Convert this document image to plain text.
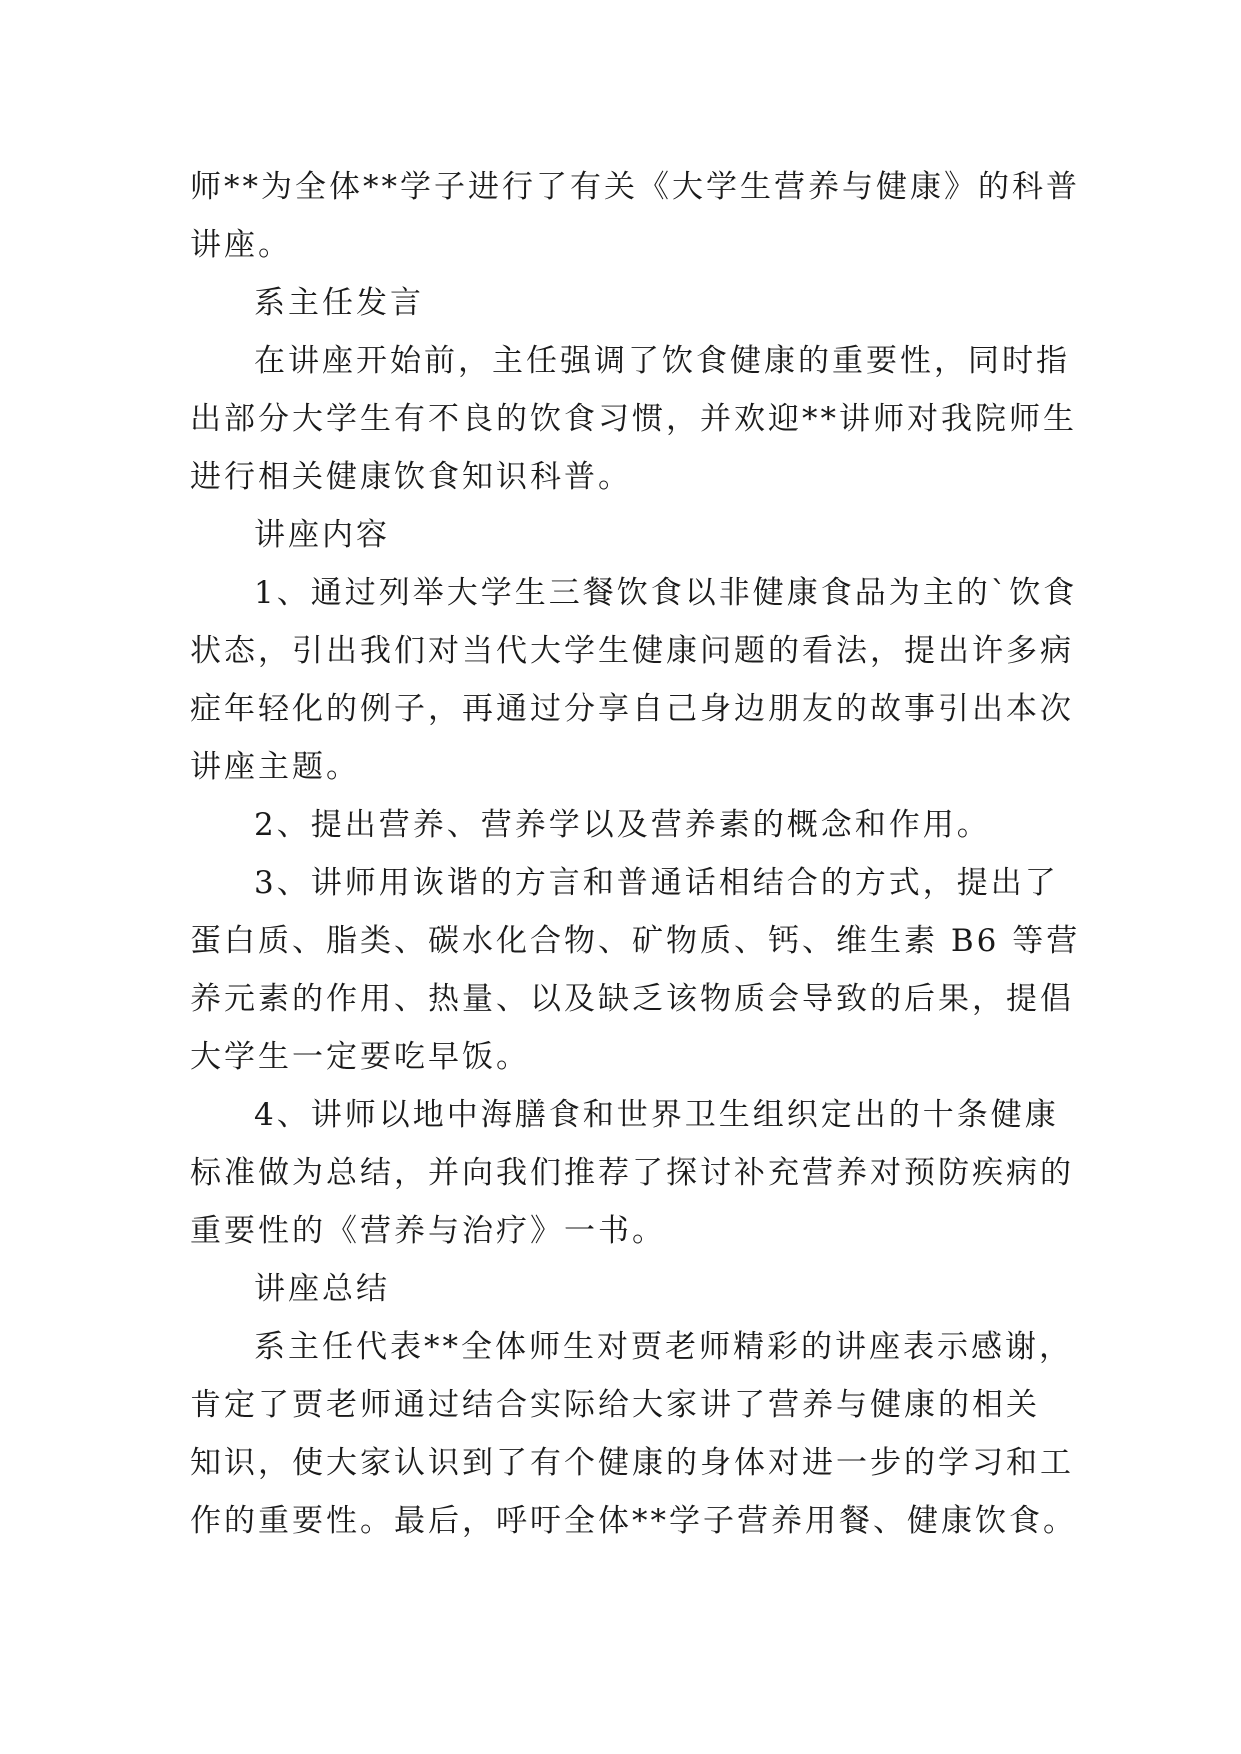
师**为全体**学子进行了有关《大学生营养与健康》的科普

讲座。

系主任发言

在讲座开始前，主任强调了饮食健康的重要性，同时指

出部分大学生有不良的饮食习惯，并欢迎**讲师对我院师生

进行相关健康饮食知识科普。

讲座内容

1、通过列举大学生三餐饮食以非健康食品为主的`饮食

状态，引出我们对当代大学生健康问题的看法，提出许多病

症年轻化的例子，再通过分享自己身边朋友的故事引出本次

讲座主题。

2、提出营养、营养学以及营养素的概念和作用。

3、讲师用诙谐的方言和普通话相结合的方式，提出了

蛋白质、脂类、碳水化合物、矿物质、钙、维生素 B6 等营

养元素的作用、热量、以及缺乏该物质会导致的后果，提倡

大学生一定要吃早饭。

4、讲师以地中海膳食和世界卫生组织定出的十条健康

标准做为总结，并向我们推荐了探讨补充营养对预防疾病的

重要性的《营养与治疗》一书。

讲座总结

系主任代表**全体师生对贾老师精彩的讲座表示感谢，

肯定了贾老师通过结合实际给大家讲了营养与健康的相关

知识，使大家认识到了有个健康的身体对进一步的学习和工

作的重要性。最后，呼吁全体**学子营养用餐、健康饮食。
